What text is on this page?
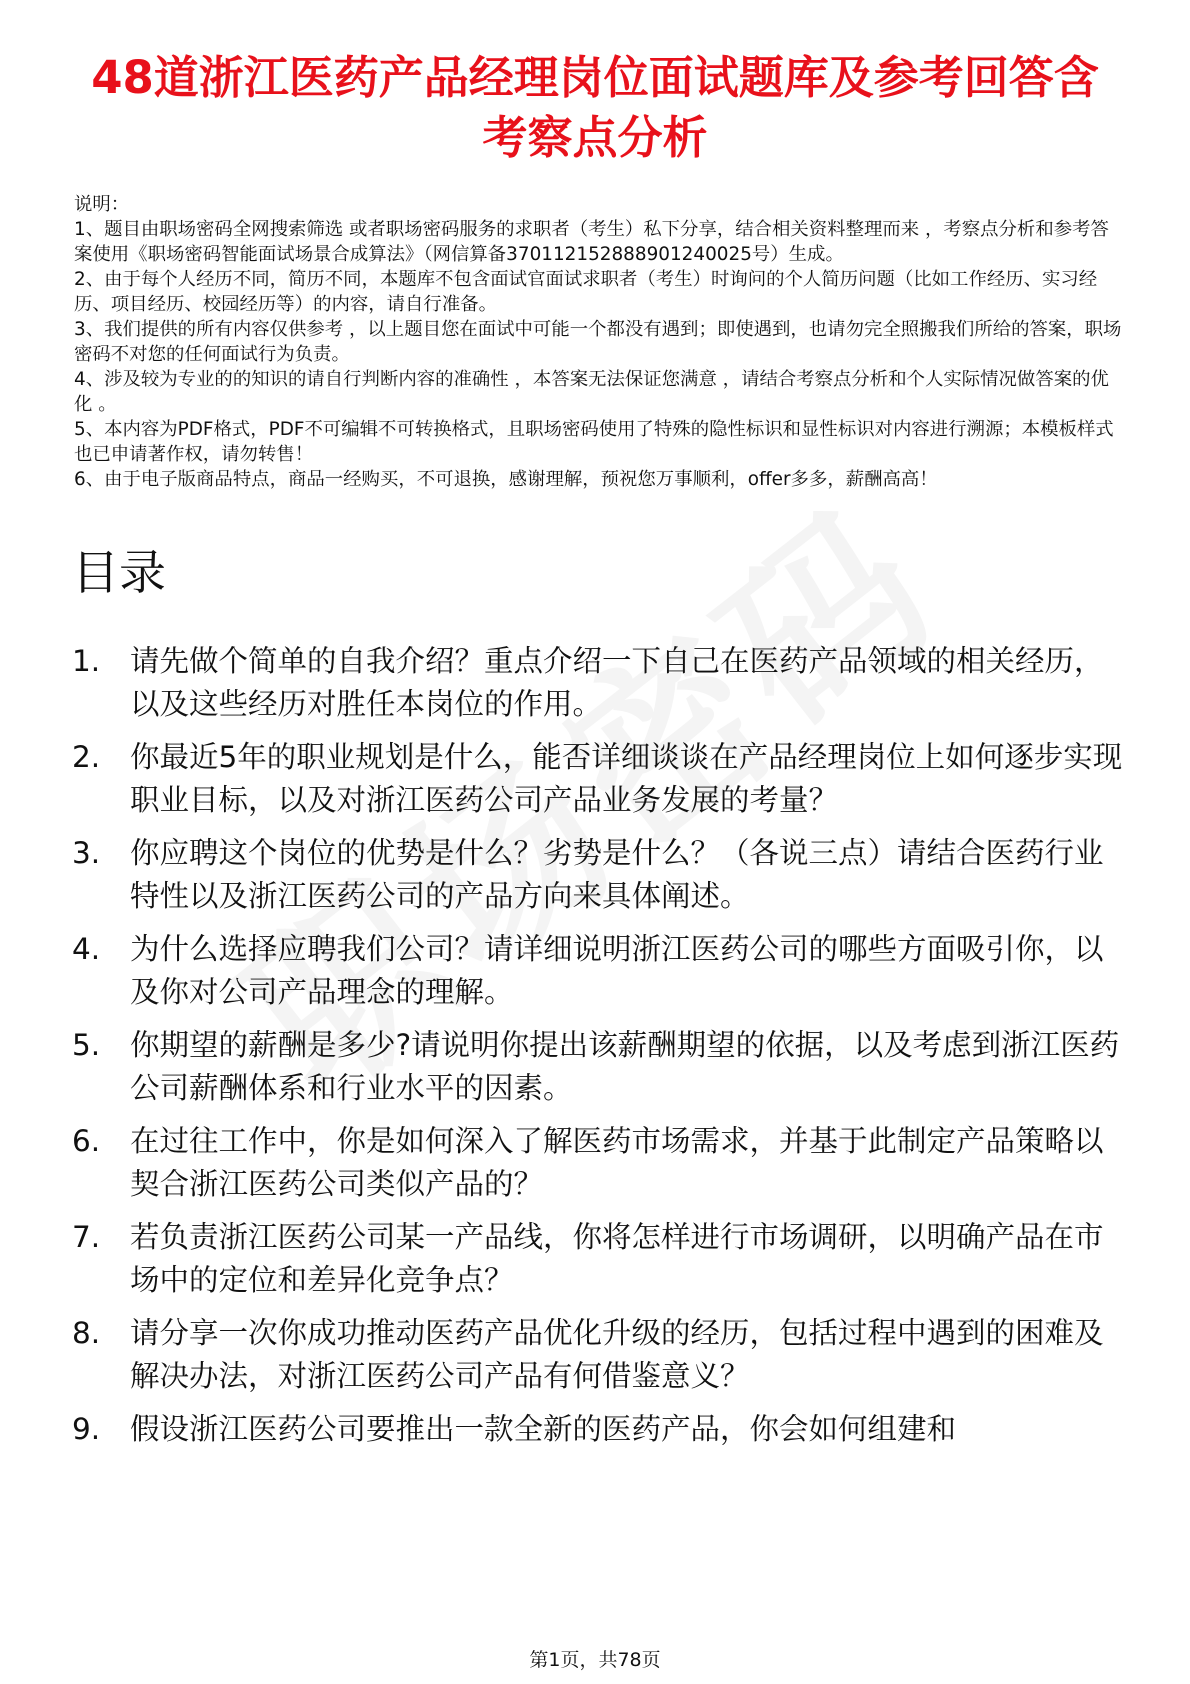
48道浙江医药产品经理岗位面试题库及参考回答含考察点分析
说明：
1、题目由职场密码全网搜索筛选 或者职场密码服务的求职者（考生）私下分享，结合相关资料整理而来 ，考察点分析和参考答案使用《职场密码智能面试场景合成算法》（网信算备370112152888901240025号）生成。
2、由于每个人经历不同，简历不同，本题库不包含面试官面试求职者（考生）时询问的个人简历问题（比如工作经历、实习经历、项目经历、校园经历等）的内容，请自行准备。
3、我们提供的所有内容仅供参考 ，以上题目您在面试中可能一个都没有遇到；即使遇到，也请勿完全照搬我们所给的答案，职场密码不对您的任何面试行为负责。
4、涉及较为专业的的知识的请自行判断内容的准确性 ，本答案无法保证您满意 ，请结合考察点分析和个人实际情况做答案的优化 。
5、本内容为PDF格式，PDF不可编辑不可转换格式，且职场密码使用了特殊的隐性标识和显性标识对内容进行溯源；本模板样式也已申请著作权，请勿转售！
6、由于电子版商品特点，商品一经购买，不可退换，感谢理解，预祝您万事顺利，offer多多，薪酬高高！
目录
1. 请先做个简单的自我介绍？重点介绍一下自己在医药产品领域的相关经历，以及这些经历对胜任本岗位的作用。
2. 你最近5年的职业规划是什么，能否详细谈谈在产品经理岗位上如何逐步实现职业目标，以及对浙江医药公司产品业务发展的考量？
3. 你应聘这个岗位的优势是什么？劣势是什么？（各说三点）请结合医药行业特性以及浙江医药公司的产品方向来具体阐述。
4. 为什么选择应聘我们公司？请详细说明浙江医药公司的哪些方面吸引你，以及你对公司产品理念的理解。
5. 你期望的薪酬是多少?请说明你提出该薪酬期望的依据，以及考虑到浙江医药公司薪酬体系和行业水平的因素。
6. 在过往工作中，你是如何深入了解医药市场需求，并基于此制定产品策略以契合浙江医药公司类似产品的？
7. 若负责浙江医药公司某一产品线，你将怎样进行市场调研，以明确产品在市场中的定位和差异化竞争点？
8. 请分享一次你成功推动医药产品优化升级的经历，包括过程中遇到的困难及解决办法，对浙江医药公司产品有何借鉴意义？
9. 假设浙江医药公司要推出一款全新的医药产品，你会如何组建和
第1页，共78页
